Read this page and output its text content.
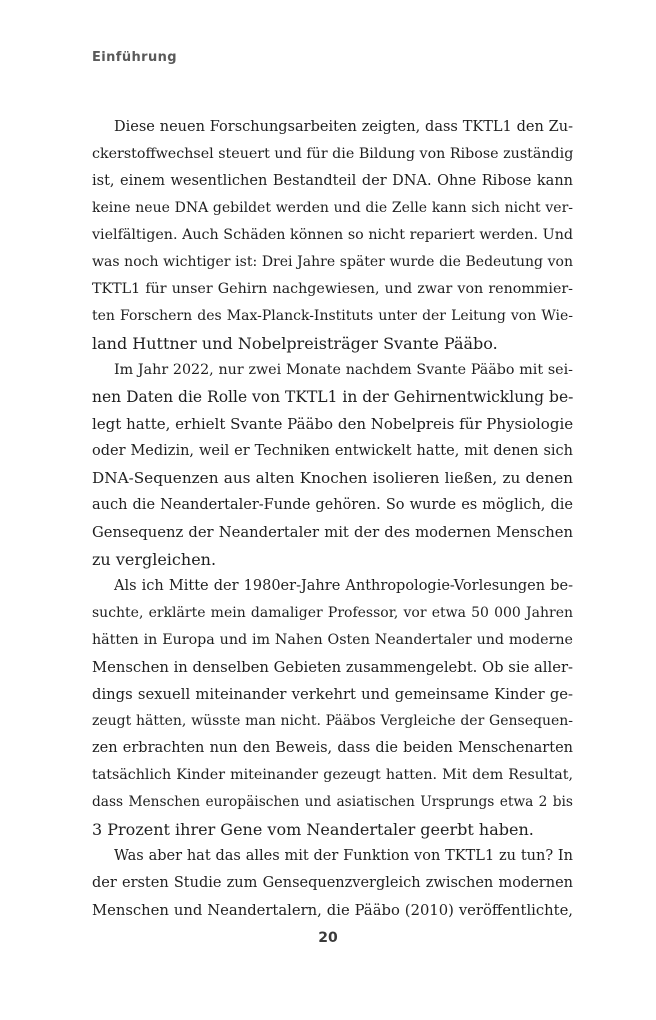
Einführung

Diese neuen Forschungsarbeiten zeigten, dass TKTL1 den Zu-
ckerstoffwechsel steuert und für die Bildung von Ribose zuständig
ist, einem wesentlichen Bestandteil der DNA. Ohne Ribose kann
keine neue DNA gebildet werden und die Zelle kann sich nicht ver-
vielfältigen. Auch Schäden können so nicht repariert werden. Und
was noch wichtiger ist: Drei Jahre später wurde die Bedeutung von
TKTL1 für unser Gehirn nachgewiesen, und zwar von renommier-
ten Forschern des Max-Planck-Instituts unter der Leitung von Wie-
land Huttner und Nobelpreisträger Svante Pääbo.

Im Jahr 2022, nur zwei Monate nachdem Svante Pääbo mit sei-
nen Daten die Rolle von TKTL1 in der Gehirnentwicklung be-
legt hatte, erhielt Svante Pääbo den Nobelpreis für Physiologie
oder Medizin, weil er Techniken entwickelt hatte, mit denen sich
DNA-Sequenzen aus alten Knochen isolieren ließen, zu denen
auch die Neandertaler-Funde gehören. So wurde es möglich, die
Gensequenz der Neandertaler mit der des modernen Menschen
zu vergleichen.

Als ich Mitte der 1980er-Jahre Anthropologie-Vorlesungen be-
suchte, erklärte mein damaliger Professor, vor etwa 50 000 Jahren
hätten in Europa und im Nahen Osten Neandertaler und moderne
Menschen in denselben Gebieten zusammengelebt. Ob sie aller-
dings sexuell miteinander verkehrt und gemeinsame Kinder ge-
zeugt hätten, wüsste man nicht. Pääbos Vergleiche der Gensequen-
zen erbrachten nun den Beweis, dass die beiden Menschenarten
tatsächlich Kinder miteinander gezeugt hatten. Mit dem Resultat,
dass Menschen europäischen und asiatischen Ursprungs etwa 2 bis
3 Prozent ihrer Gene vom Neandertaler geerbt haben.

Was aber hat das alles mit der Funktion von TKTL1 zu tun? In
der ersten Studie zum Gensequenzvergleich zwischen modernen
Menschen und Neandertalern, die Pääbo (2010) veröffentlichte,

20
